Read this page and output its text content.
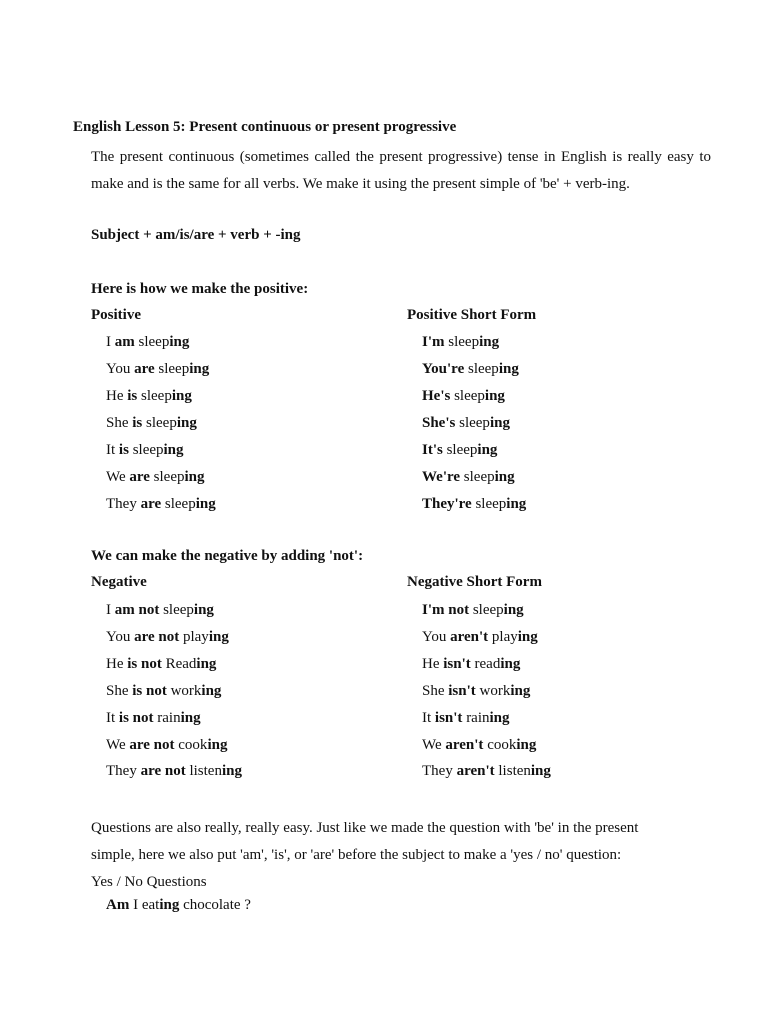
English Lesson 5: Present continuous or present progressive
The present continuous (sometimes called the present progressive) tense in English is really easy to make and is the same for all verbs. We make it using the present simple of 'be' + verb-ing.
Subject + am/is/are + verb + -ing
Here is how we make the positive:
Positive	Positive Short Form
I am sleeping
You are sleeping
He is sleeping
She is sleeping
It is sleeping
We are sleeping
They are sleeping
I'm sleeping
You're sleeping
He's sleeping
She's sleeping
It's sleeping
We're sleeping
They're sleeping
We can make the negative by adding 'not':
Negative	Negative Short Form
I am not sleeping
You are not playing
He is not Reading
She is not working
It is not raining
We are not cooking
They are not listening
I'm not sleeping
You aren't playing
He isn't reading
She isn't working
It isn't raining
We aren't cooking
They aren't listening
Questions are also really, really easy. Just like we made the question with 'be' in the present
simple, here we also put 'am', 'is', or 'are' before the subject to make a 'yes / no' question:
Yes / No Questions
Am I eating chocolate ?
